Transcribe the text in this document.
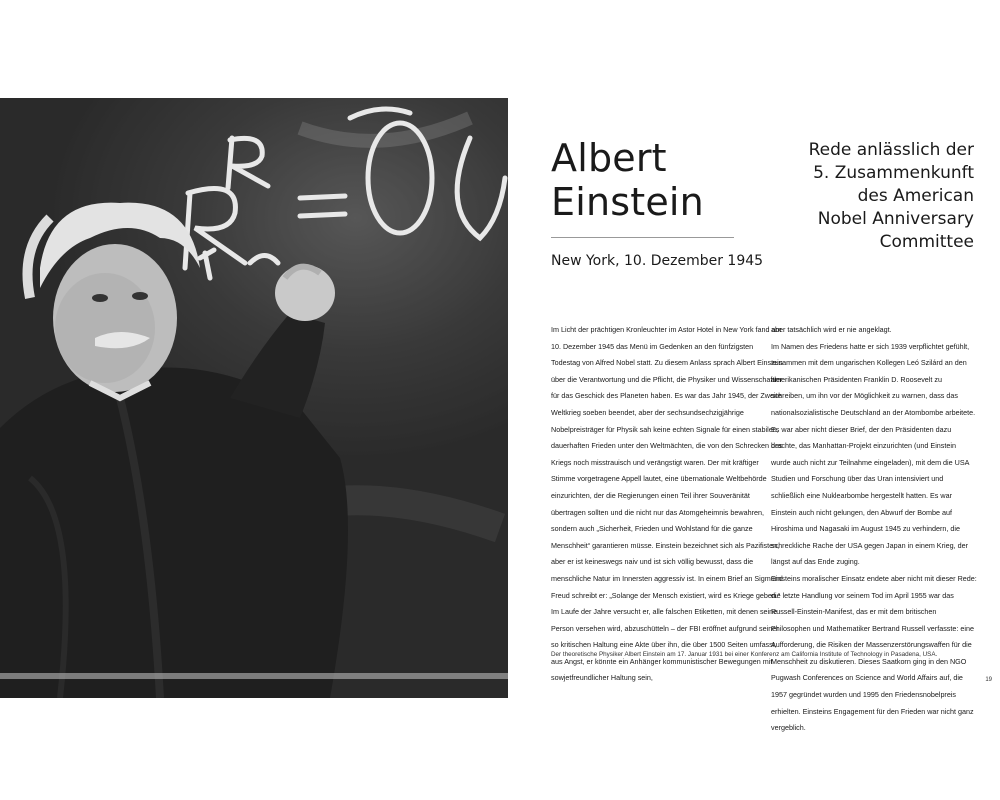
Albert
Einstein
New York, 10. Dezember 1945
Rede anlässlich der
5. Zusammenkunft
des American
Nobel Anniversary
Committee

Im Licht der prächtigen Kronleuchter im Astor Hotel in New York fand am 10. Dezember 1945 das Menü im Gedenken an den fünfzigsten Todestag von Alfred Nobel statt. Zu diesem Anlass sprach Albert Einstein über die Verantwortung und die Pflicht, die Physiker und Wissenschaftler für das Geschick des Planeten haben. Es war das Jahr 1945, der Zweite Weltkrieg soeben beendet, aber der sechsundsechzigjährige Nobelpreisträger für Physik sah keine echten Signale für einen stabilen, dauerhaften Frieden unter den Weltmächten, die von den Schrecken des Kriegs noch misstrauisch und verängstigt waren. Der mit kräftiger Stimme vorgetragene Appell lautet, eine übernationale Weltbehörde einzurichten, der die Regierungen einen Teil ihrer Souveränität übertragen sollten und die nicht nur das Atomgeheimnis bewahren, sondern auch „Sicherheit, Frieden und Wohlstand für die ganze Menschheit“ garantieren müsse. Einstein bezeichnet sich als Pazifisten, aber er ist keineswegs naiv und ist sich völlig bewusst, dass die menschliche Natur im Innersten aggressiv ist. In einem Brief an Sigmund Freud schreibt er: „Solange der Mensch existiert, wird es Kriege geben.“ Im Laufe der Jahre versucht er, alle falschen Etiketten, mit denen seine Person versehen wird, abzuschütteln – der FBI eröffnet aufgrund seiner so kritischen Haltung eine Akte über ihn, die über 1500 Seiten umfasst, aus Angst, er könnte ein Anhänger kommunistischer Bewegungen mit sowjetfreundlicher Haltung sein,

aber tatsächlich wird er nie angeklagt.

Im Namen des Friedens hatte er sich 1939 verpflichtet gefühlt, zusammen mit dem ungarischen Kollegen Leó Szilárd an den amerikanischen Präsidenten Franklin D. Roosevelt zu schreiben, um ihn vor der Möglichkeit zu warnen, dass das nationalsozialistische Deutschland an der Atombombe arbeitete. Es war aber nicht dieser Brief, der den Präsidenten dazu brachte, das Manhattan-Projekt einzurichten (und Einstein wurde auch nicht zur Teilnahme eingeladen), mit dem die USA Studien und Forschung über das Uran intensiviert und schließlich eine Nuklearbombe hergestellt hatten. Es war Einstein auch nicht gelungen, den Abwurf der Bombe auf Hiroshima und Nagasaki im August 1945 zu verhindern, die schreckliche Rache der USA gegen Japan in einem Krieg, der längst auf das Ende zuging.

Einsteins moralischer Einsatz endete aber nicht mit dieser Rede: die letzte Handlung vor seinem Tod im April 1955 war das Russell-Einstein-Manifest, das er mit dem britischen Philosophen und Mathematiker Bertrand Russell verfasste: eine Aufforderung, die Risiken der Massenzerstörungswaffen für die Menschheit zu diskutieren. Dieses Saatkorn ging in den NGO Pugwash Conferences on Science and World Affairs auf, die 1957 gegründet wurden und 1995 den Friedensnobelpreis erhielten. Einsteins Engagement für den Frieden war nicht ganz vergeblich.

Der theoretische Physiker Albert Einstein am 17. Januar 1931 bei einer Konferenz am California Institute of Technology in Pasadena, USA.
19
